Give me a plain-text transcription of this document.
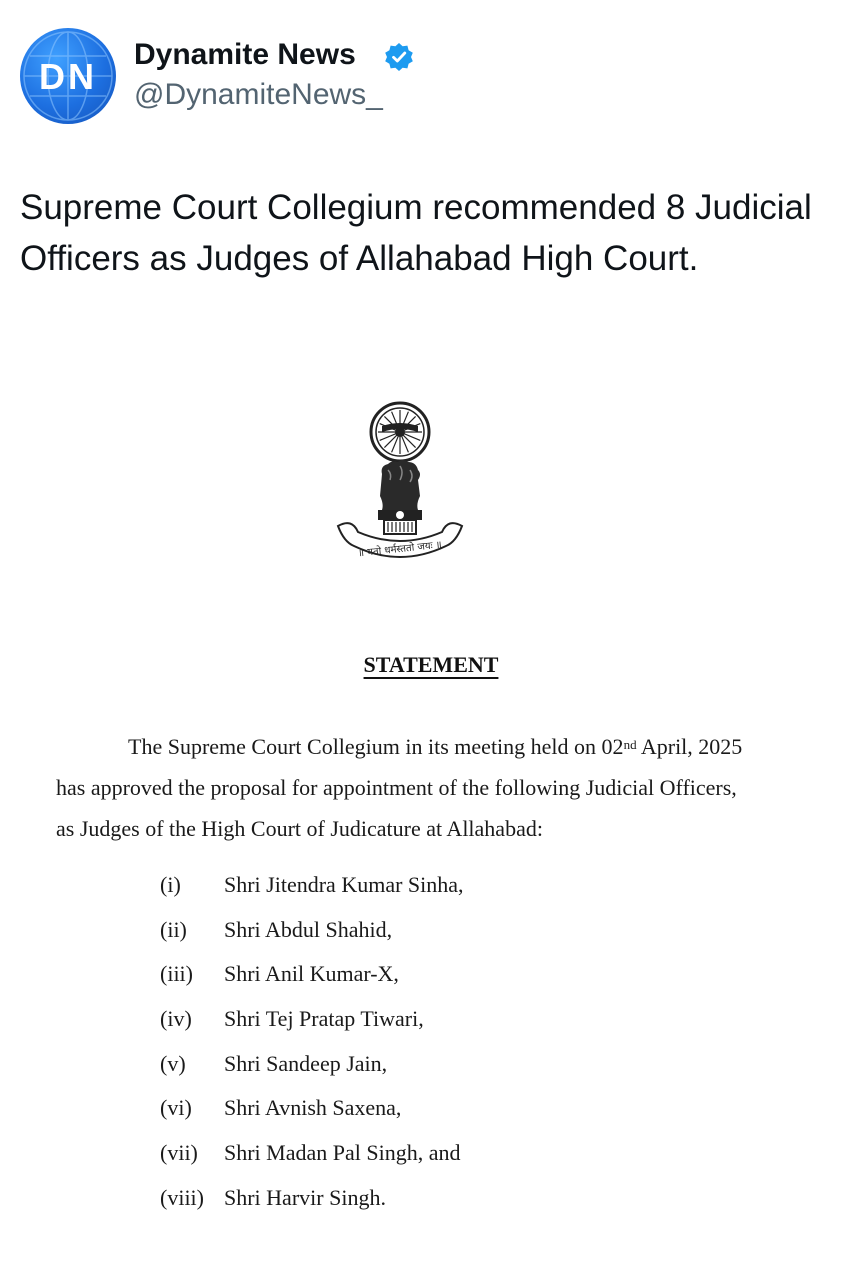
DN
Dynamite News
@DynamiteNews_
Supreme Court Collegium recommended 8 Judicial Officers as Judges of Allahabad High Court.
॥ यतो धर्मस्ततो जयः ॥
STATEMENT
The Supreme Court Collegium in its meeting held on 02nd April, 2025
has approved the proposal for appointment of the following Judicial Officers,
as Judges of the High Court of Judicature at Allahabad:
(i)	Shri Jitendra Kumar Sinha,
(ii)	Shri Abdul Shahid,
(iii)	Shri Anil Kumar-X,
(iv)	Shri Tej Pratap Tiwari,
(v)	Shri Sandeep Jain,
(vi)	Shri Avnish Saxena,
(vii)	Shri Madan Pal Singh, and
(viii) Shri Harvir Singh.
